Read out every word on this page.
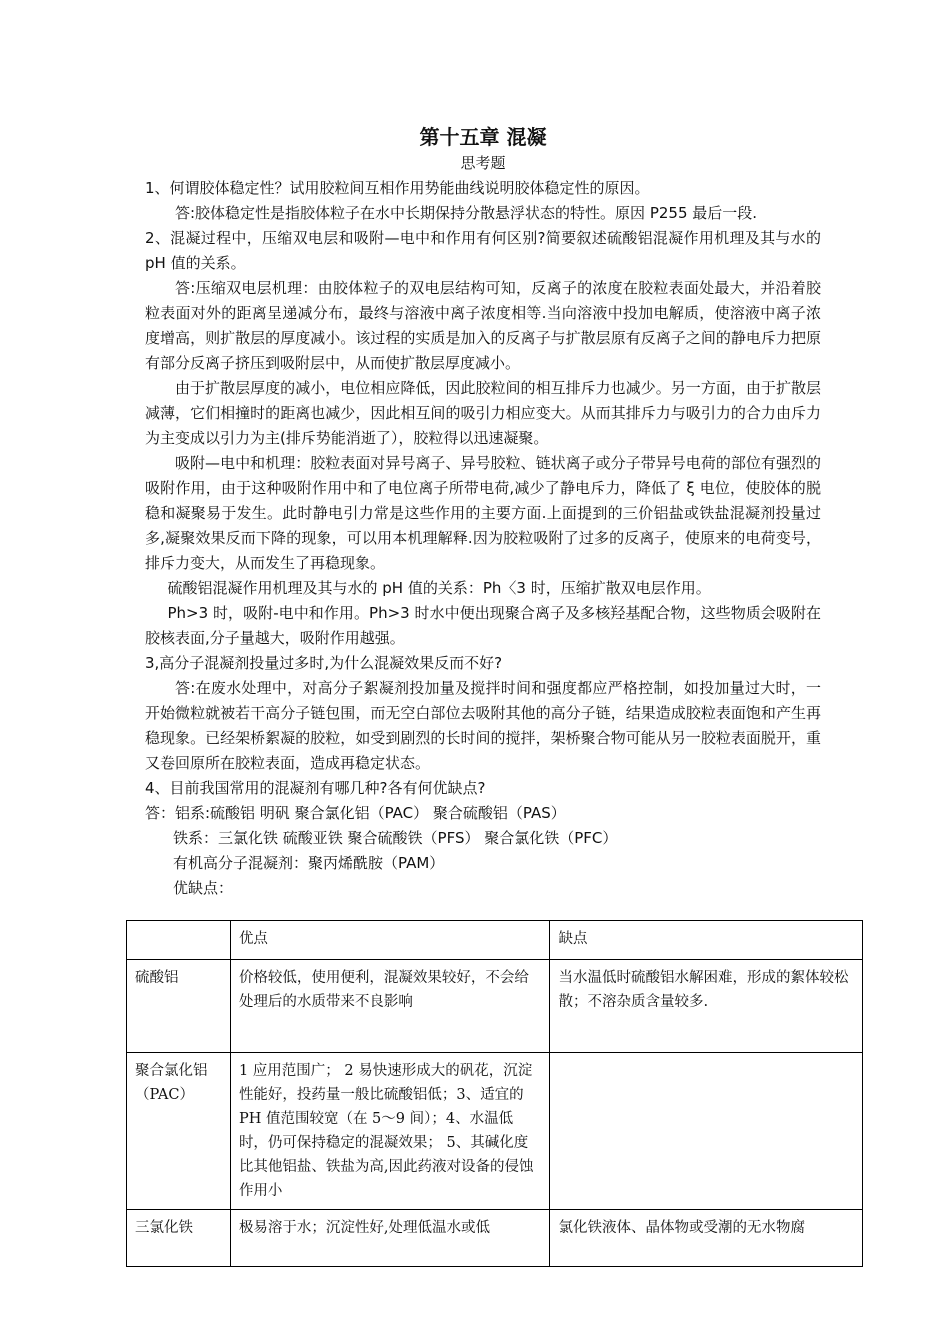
第十五章 混凝
思考题

1、何谓胶体稳定性？试用胶粒间互相作用势能曲线说明胶体稳定性的原因。

答:胶体稳定性是指胶体粒子在水中长期保持分散悬浮状态的特性。原因 P255 最后一段.

2、混凝过程中，压缩双电层和吸附—电中和作用有何区别?简要叙述硫酸铝混凝作用机理及其与水的 pH 值的关系。

答:压缩双电层机理：由胶体粒子的双电层结构可知，反离子的浓度在胶粒表面处最大，并沿着胶粒表面对外的距离呈递减分布，最终与溶液中离子浓度相等.当向溶液中投加电解质，使溶液中离子浓度增高，则扩散层的厚度减小。该过程的实质是加入的反离子与扩散层原有反离子之间的静电斥力把原有部分反离子挤压到吸附层中，从而使扩散层厚度减小。

由于扩散层厚度的减小，电位相应降低，因此胶粒间的相互排斥力也减少。另一方面，由于扩散层减薄，它们相撞时的距离也减少，因此相互间的吸引力相应变大。从而其排斥力与吸引力的合力由斥力为主变成以引力为主(排斥势能消逝了），胶粒得以迅速凝聚。

吸附—电中和机理：胶粒表面对异号离子、异号胶粒、链状离子或分子带异号电荷的部位有强烈的吸附作用，由于这种吸附作用中和了电位离子所带电荷,减少了静电斥力，降低了 ξ 电位，使胶体的脱稳和凝聚易于发生。此时静电引力常是这些作用的主要方面.上面提到的三价铝盐或铁盐混凝剂投量过多,凝聚效果反而下降的现象，可以用本机理解释.因为胶粒吸附了过多的反离子，使原来的电荷变号，排斥力变大，从而发生了再稳现象。

硫酸铝混凝作用机理及其与水的 pH 值的关系：Ph〈3 时，压缩扩散双电层作用。

Ph>3 时，吸附-电中和作用。Ph>3 时水中便出现聚合离子及多核羟基配合物，这些物质会吸附在胶核表面,分子量越大，吸附作用越强。

3,高分子混凝剂投量过多时,为什么混凝效果反而不好?

答:在废水处理中，对高分子絮凝剂投加量及搅拌时间和强度都应严格控制，如投加量过大时，一开始微粒就被若干高分子链包围，而无空白部位去吸附其他的高分子链，结果造成胶粒表面饱和产生再稳现象。已经架桥絮凝的胶粒，如受到剧烈的长时间的搅拌，架桥聚合物可能从另一胶粒表面脱开，重又卷回原所在胶粒表面，造成再稳定状态。

4、目前我国常用的混凝剂有哪几种?各有何优缺点?

答：铝系:硫酸铝 明矾 聚合氯化铝（PAC） 聚合硫酸铝（PAS）

铁系：三氯化铁 硫酸亚铁 聚合硫酸铁（PFS） 聚合氯化铁（PFC）

有机高分子混凝剂：聚丙烯酰胺（PAM）

优缺点：

	优点	缺点
硫酸铝	价格较低，使用便利，混凝效果较好，不会给处理后的水质带来不良影响	当水温低时硫酸铝水解困难，形成的絮体较松散；不溶杂质含量较多.
聚合氯化铝（PAC）	1 应用范围广； 2 易快速形成大的矾花，沉淀性能好，投药量一般比硫酸铝低；3、适宜的 PH 值范围较宽（在 5～9 间）；4、水温低时，仍可保持稳定的混凝效果； 5、其碱化度比其他铝盐、铁盐为高,因此药液对设备的侵蚀作用小	
三氯化铁	极易溶于水；沉淀性好,处理低温水或低	氯化铁液体、晶体物或受潮的无水物腐
